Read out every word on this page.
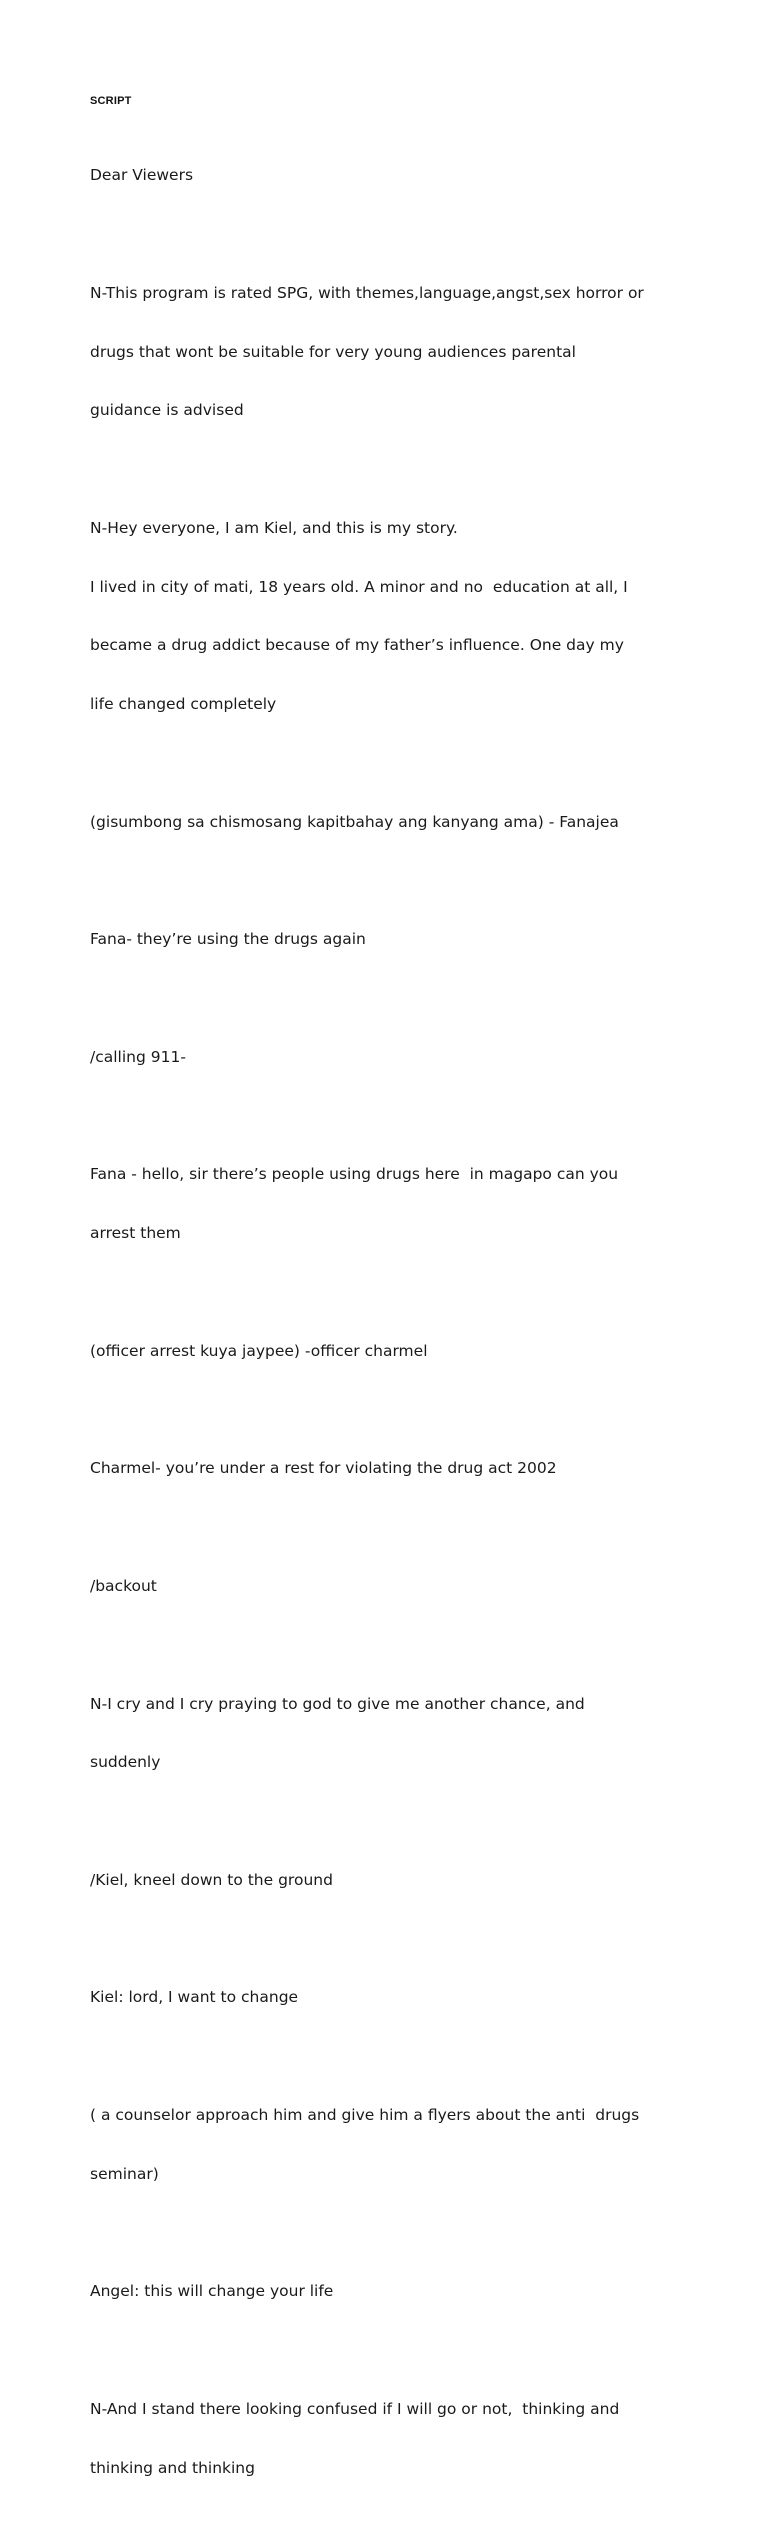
SCRIPT

Dear Viewers

N-This program is rated SPG, with themes,language,angst,sex horror or

drugs that wont be suitable for very young audiences parental

guidance is advised

N-Hey everyone, I am Kiel, and this is my story.

I lived in city of mati, 18 years old. A minor and no  education at all, I

became a drug addict because of my father’s influence. One day my

life changed completely

(gisumbong sa chismosang kapitbahay ang kanyang ama) - Fanajea

Fana- they’re using the drugs again

/calling 911-

Fana - hello, sir there’s people using drugs here  in magapo can you

arrest them

(officer arrest kuya jaypee) -officer charmel

Charmel- you’re under a rest for violating the drug act 2002

/backout

N-I cry and I cry praying to god to give me another chance, and

suddenly

/Kiel, kneel down to the ground

Kiel: lord, I want to change

( a counselor approach him and give him a flyers about the anti  drugs

seminar)

Angel: this will change your life

N-And I stand there looking confused if I will go or not,  thinking and

thinking and thinking
